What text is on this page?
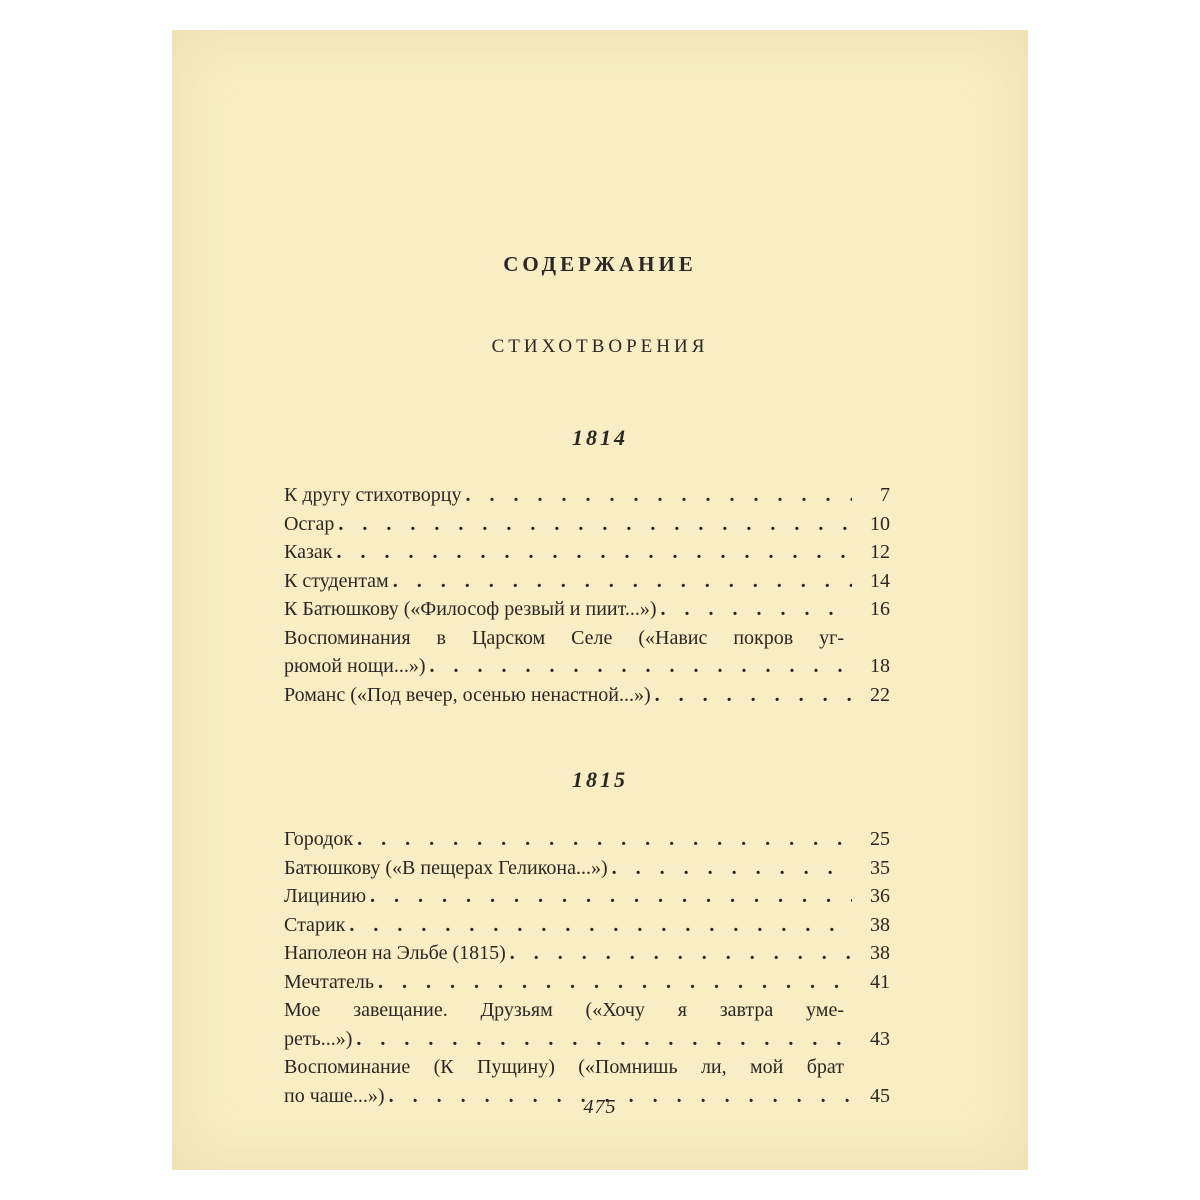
СОДЕРЖАНИЕ
СТИХОТВОРЕНИЯ
1814
К другу стихотворцу . . .	7
Осгар . . .	10
Казак . . .	12
К студентам . . .	14
К Батюшкову («Философ резвый и пиит...») . . .	16
Воспоминания в Царском Селе («Навис покров уг-
рюмой нощи...») . . .	18
Романс («Под вечер, осенью ненастной...») . . .	22
1815
Городок . . .	25
Батюшкову («В пещерах Геликона...») . . .	35
Лицинию . . .	36
Старик . . .	38
Наполеон на Эльбе (1815) . . .	38
Мечтатель . . .	41
Мое завещание. Друзьям («Хочу я завтра уме-
реть...») . . .	43
Воспоминание (К Пущину) («Помнишь ли, мой брат
по чаше...») . . .	45
475
